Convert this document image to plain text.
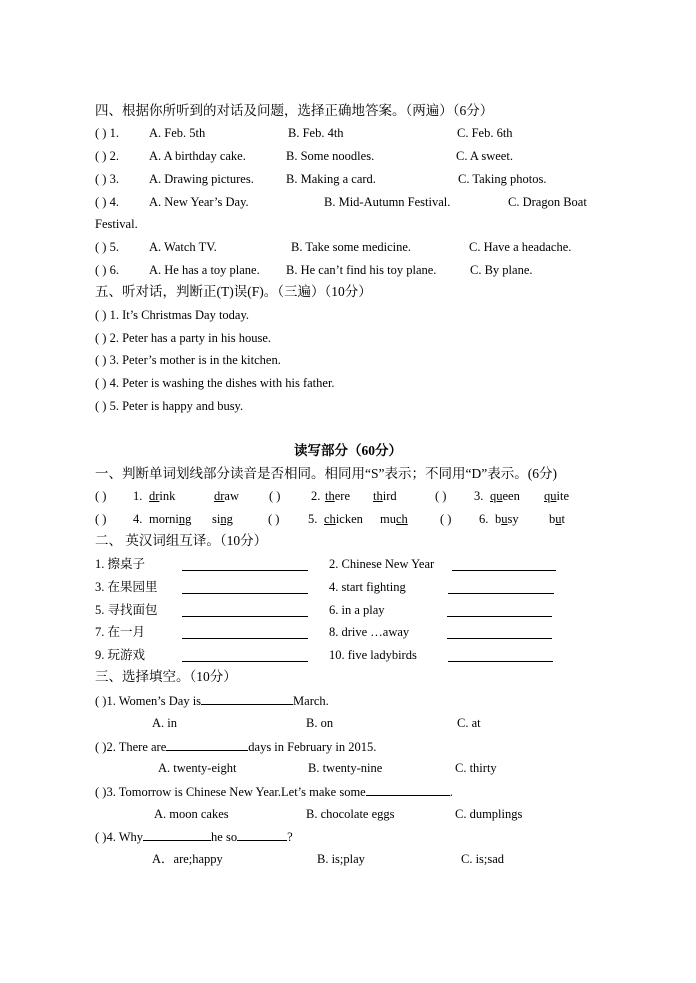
四、根据你所听到的对话及问题，选择正确地答案。（两遍）（6分）
( ) 1. A. Feb. 5th	B. Feb. 4th	C. Feb. 6th
( ) 2. A. A birthday cake.	B. Some noodles.	C. A sweet.
( ) 3. A. Drawing pictures.	B. Making a card.	C. Taking photos.
( ) 4. A. New Year’s Day.	B. Mid-Autumn Festival.	C. Dragon Boat
Festival.
( ) 5. A. Watch TV.	B. Take some medicine.	C. Have a headache.
( ) 6. A. He has a toy plane. B. He can’t find his toy plane.	C. By plane.
五、听对话，判断正(T)误(F)。（三遍）（10分）
( ) 1. It’s Christmas Day today.
( ) 2. Peter has a party in his house.
( ) 3. Peter’s mother is in the kitchen.
( ) 4. Peter is washing the dishes with his father.
( ) 5. Peter is happy and busy.
读写部分（60分）
一、判断单词划线部分读音是否相同。相同用“S”表示；不同用“D”表示。(6分)
( ) 1. drink	draw ( ) 2. there third	( ) 3. queen quite
( ) 4. morning sing	( ) 5. chicken much	( ) 6. busy but
二、 英汉词组互译。（10分）
1. 擦桌子	2. Chinese New Year
3. 在果园里	4. start fighting
5. 寻找面包	6. in a play
7. 在一月	8. drive …away
9. 玩游戏	10. five ladybirds
三、选择填空。（10分）
( )1. Women’s Day is	March.
A. in	B. on	C. at
( )2. There are	days in February in 2015.
A. twenty-eight	B. twenty-nine	C. thirty
( )3. Tomorrow is Chinese New Year.Let’s make some	.
A. moon cakes	B. chocolate eggs	C. dumplings
( )4. Why	he so	?
A．are;happy	B. is;play	C. is;sad
